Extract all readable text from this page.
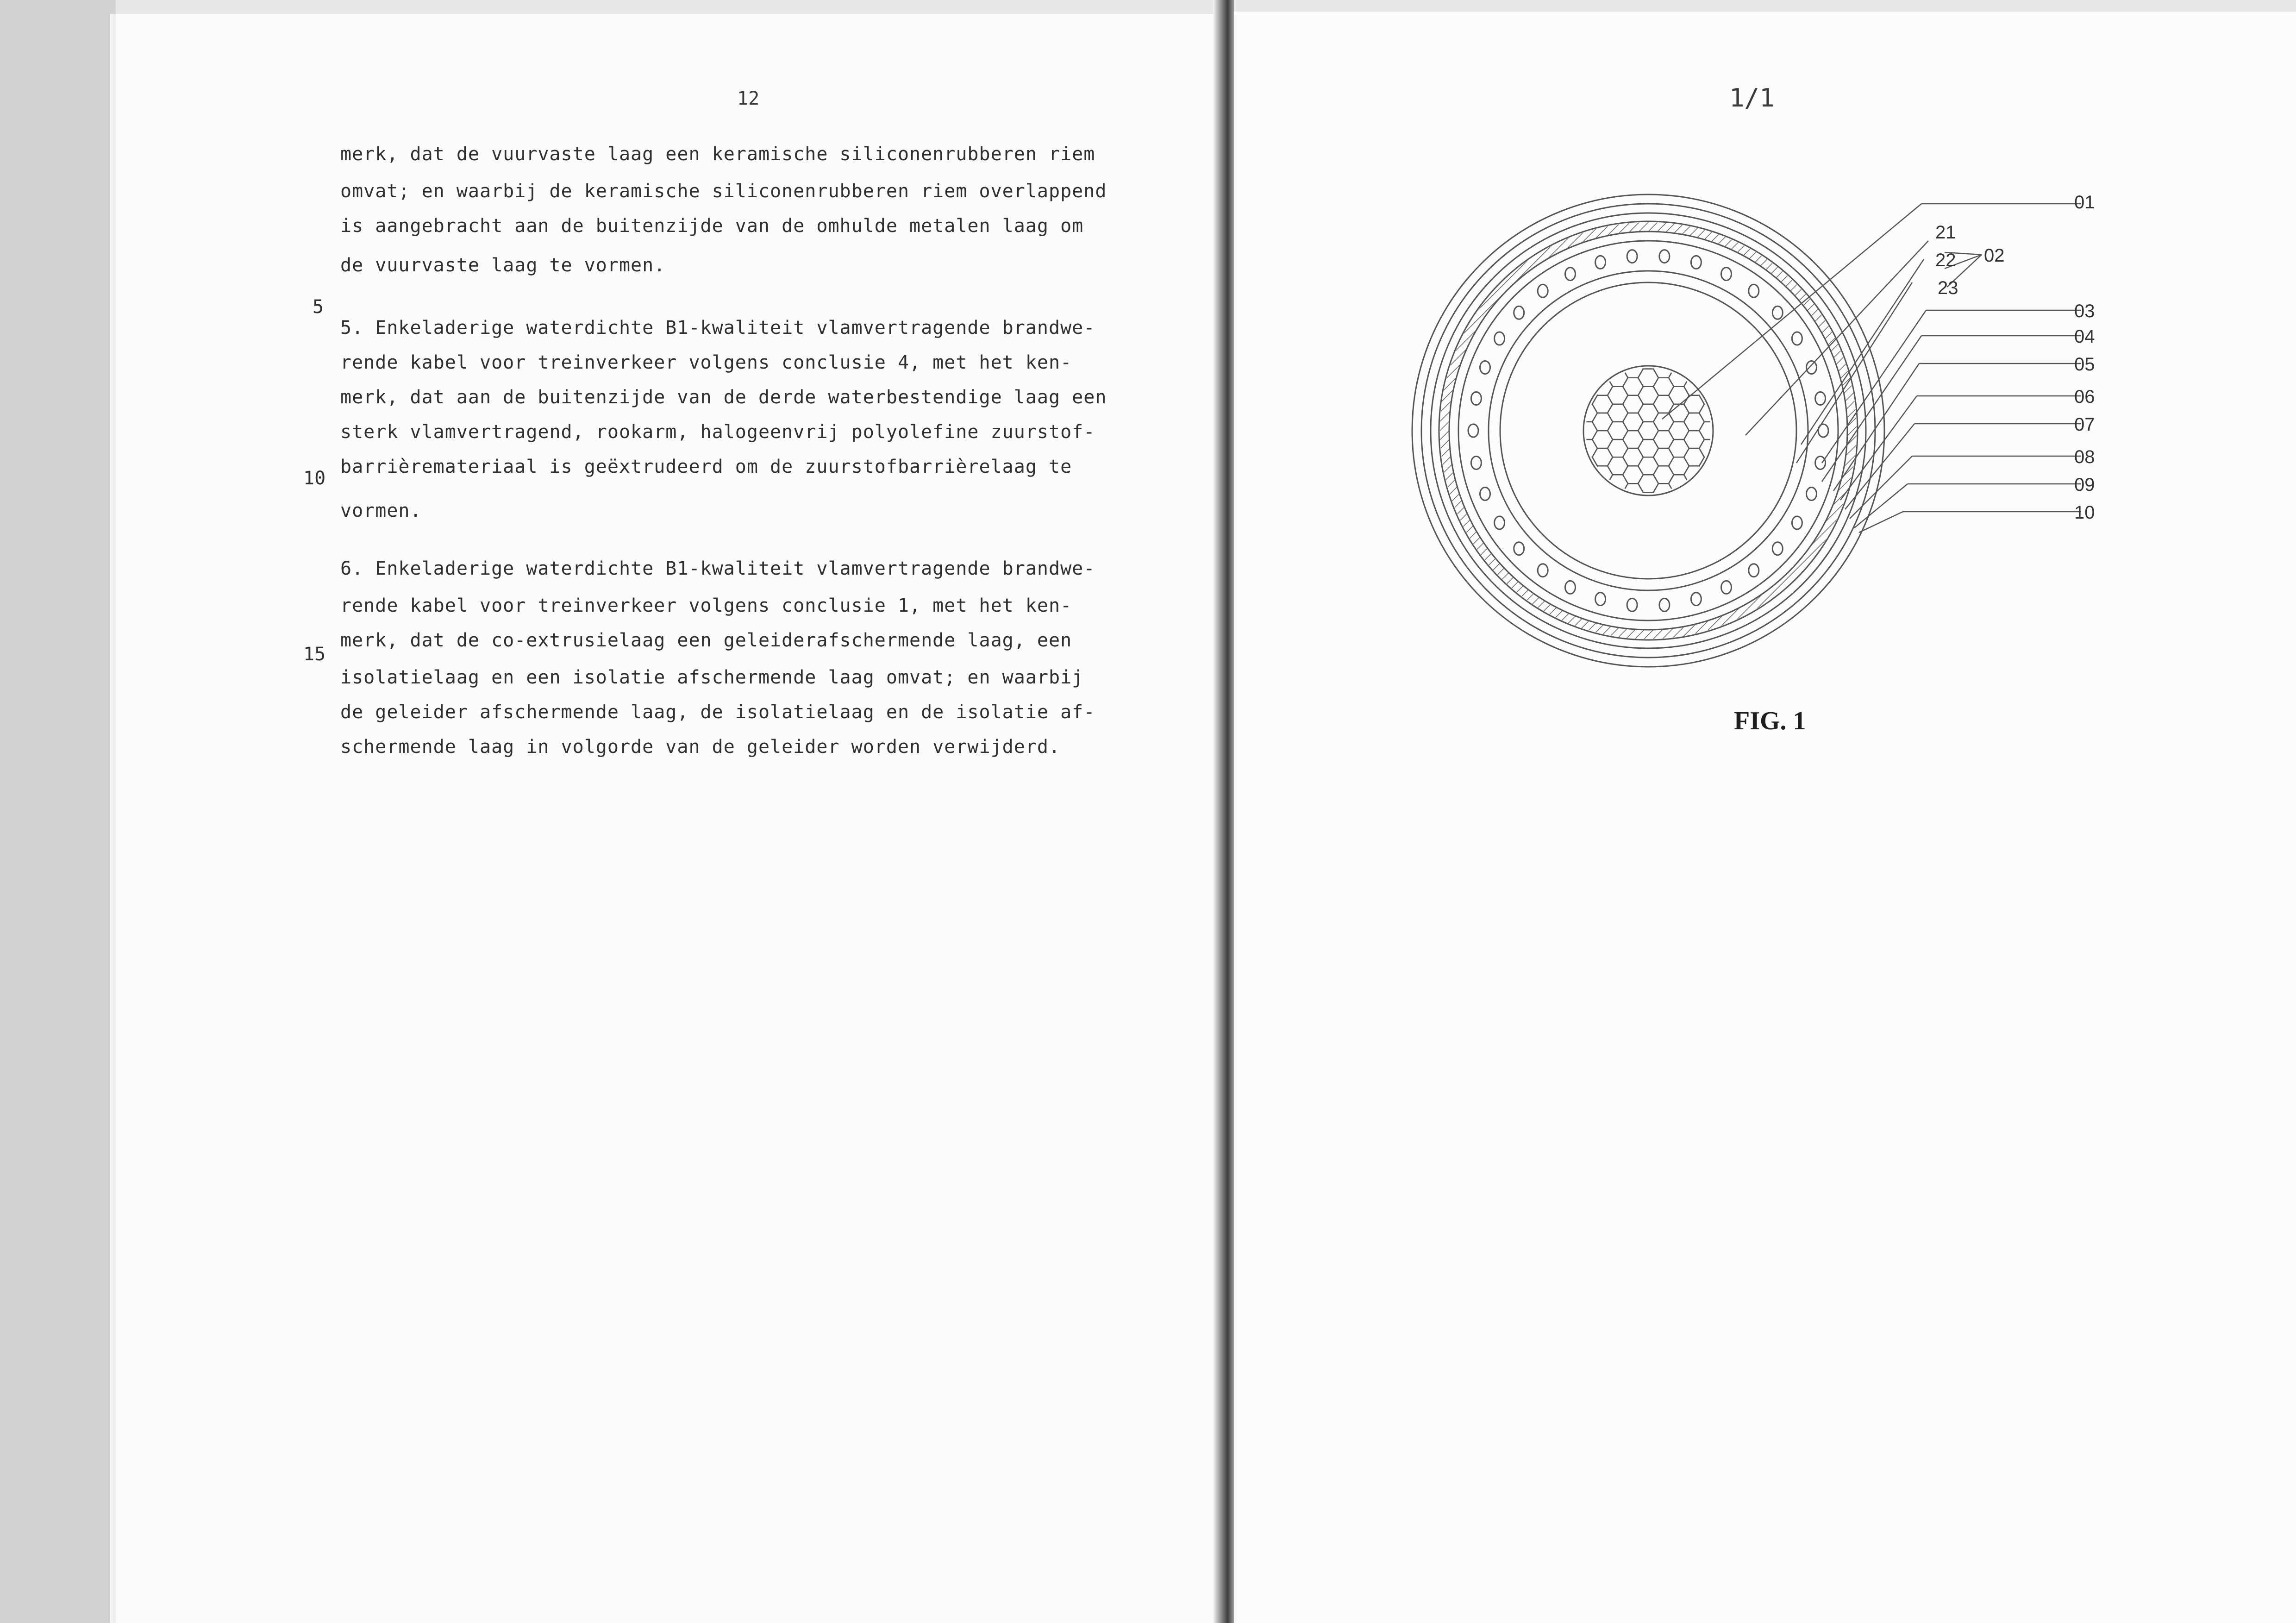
12
merk, dat de vuurvaste laag een keramische siliconenrubberen riem
omvat; en waarbij de keramische siliconenrubberen riem overlappend
is aangebracht aan de buitenzijde van de omhulde metalen laag om
de vuurvaste laag te vormen.
5. Enkeladerige waterdichte B1-kwaliteit vlamvertragende brandwe-
rende kabel voor treinverkeer volgens conclusie 4, met het ken-
merk, dat aan de buitenzijde van de derde waterbestendige laag een
sterk vlamvertragend, rookarm, halogeenvrij polyolefine zuurstof-
barrièremateriaal is geëxtrudeerd om de zuurstofbarrièrelaag te
vormen.
6. Enkeladerige waterdichte B1-kwaliteit vlamvertragende brandwe-
rende kabel voor treinverkeer volgens conclusie 1, met het ken-
merk, dat de co-extrusielaag een geleiderafschermende laag, een
isolatielaag en een isolatie afschermende laag omvat; en waarbij
de geleider afschermende laag, de isolatielaag en de isolatie af-
schermende laag in volgorde van de geleider worden verwijderd.
5
10
15
1/1
01
21
22
23
02
03
04
05
06
07
08
09
10
FIG. 1
